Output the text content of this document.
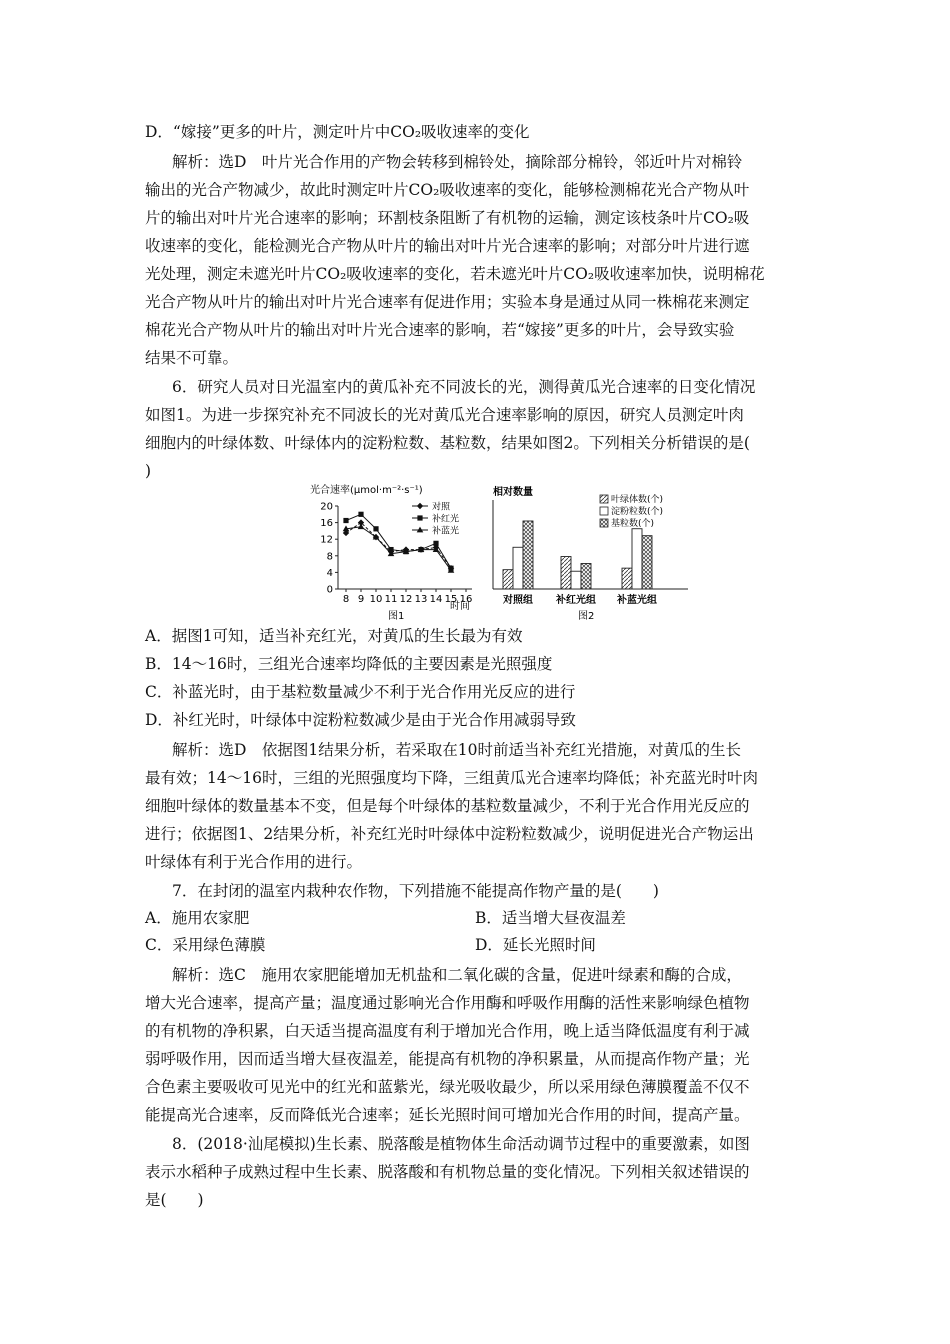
D．“嫁接”更多的叶片，测定叶片中CO₂吸收速率的变化
解析：选D　叶片光合作用的产物会转移到棉铃处，摘除部分棉铃，邻近叶片对棉铃
输出的光合产物减少，故此时测定叶片CO₂吸收速率的变化，能够检测棉花光合产物从叶
片的输出对叶片光合速率的影响；环割枝条阻断了有机物的运输，测定该枝条叶片CO₂吸
收速率的变化，能检测光合产物从叶片的输出对叶片光合速率的影响；对部分叶片进行遮
光处理，测定未遮光叶片CO₂吸收速率的变化，若未遮光叶片CO₂吸收速率加快，说明棉花
光合产物从叶片的输出对叶片光合速率有促进作用；实验本身是通过从同一株棉花来测定
棉花光合产物从叶片的输出对叶片光合速率的影响，若“嫁接”更多的叶片，会导致实验
结果不可靠。
6．研究人员对日光温室内的黄瓜补充不同波长的光，测得黄瓜光合速率的日变化情况
如图1。为进一步探究补充不同波长的光对黄瓜光合速率影响的原因，研究人员测定叶肉
细胞内的叶绿体数、叶绿体内的淀粉粒数、基粒数，结果如图2。下列相关分析错误的是(
)
光合速率(μmol·m⁻²·s⁻¹)
20
16
12
8
4
0
8 9 10 11 12 13 14 15 16
对照
补红光
补蓝光
时间
图1
相对数量
对照组 补红光组 补蓝光组
叶绿体数(个)
淀粉粒数(个)
基粒数(个)
图2
A．据图1可知，适当补充红光，对黄瓜的生长最为有效
B．14～16时，三组光合速率均降低的主要因素是光照强度
C．补蓝光时，由于基粒数量减少不利于光合作用光反应的进行
D．补红光时，叶绿体中淀粉粒数减少是由于光合作用减弱导致
解析：选D　依据图1结果分析，若采取在10时前适当补充红光措施，对黄瓜的生长
最有效；14～16时，三组的光照强度均下降，三组黄瓜光合速率均降低；补充蓝光时叶肉
细胞叶绿体的数量基本不变，但是每个叶绿体的基粒数量减少，不利于光合作用光反应的
进行；依据图1、2结果分析，补充红光时叶绿体中淀粉粒数减少，说明促进光合产物运出
叶绿体有利于光合作用的进行。
7．在封闭的温室内栽种农作物，下列措施不能提高作物产量的是(　　)
A．施用农家肥	B．适当增大昼夜温差
C．采用绿色薄膜	D．延长光照时间
解析：选C　施用农家肥能增加无机盐和二氧化碳的含量，促进叶绿素和酶的合成，
增大光合速率，提高产量；温度通过影响光合作用酶和呼吸作用酶的活性来影响绿色植物
的有机物的净积累，白天适当提高温度有利于增加光合作用，晚上适当降低温度有利于减
弱呼吸作用，因而适当增大昼夜温差，能提高有机物的净积累量，从而提高作物产量；光
合色素主要吸收可见光中的红光和蓝紫光，绿光吸收最少，所以采用绿色薄膜覆盖不仅不
能提高光合速率，反而降低光合速率；延长光照时间可增加光合作用的时间，提高产量。
8．(2018·汕尾模拟)生长素、脱落酸是植物体生命活动调节过程中的重要激素，如图
表示水稻种子成熟过程中生长素、脱落酸和有机物总量的变化情况。下列相关叙述错误的
是(　　)
